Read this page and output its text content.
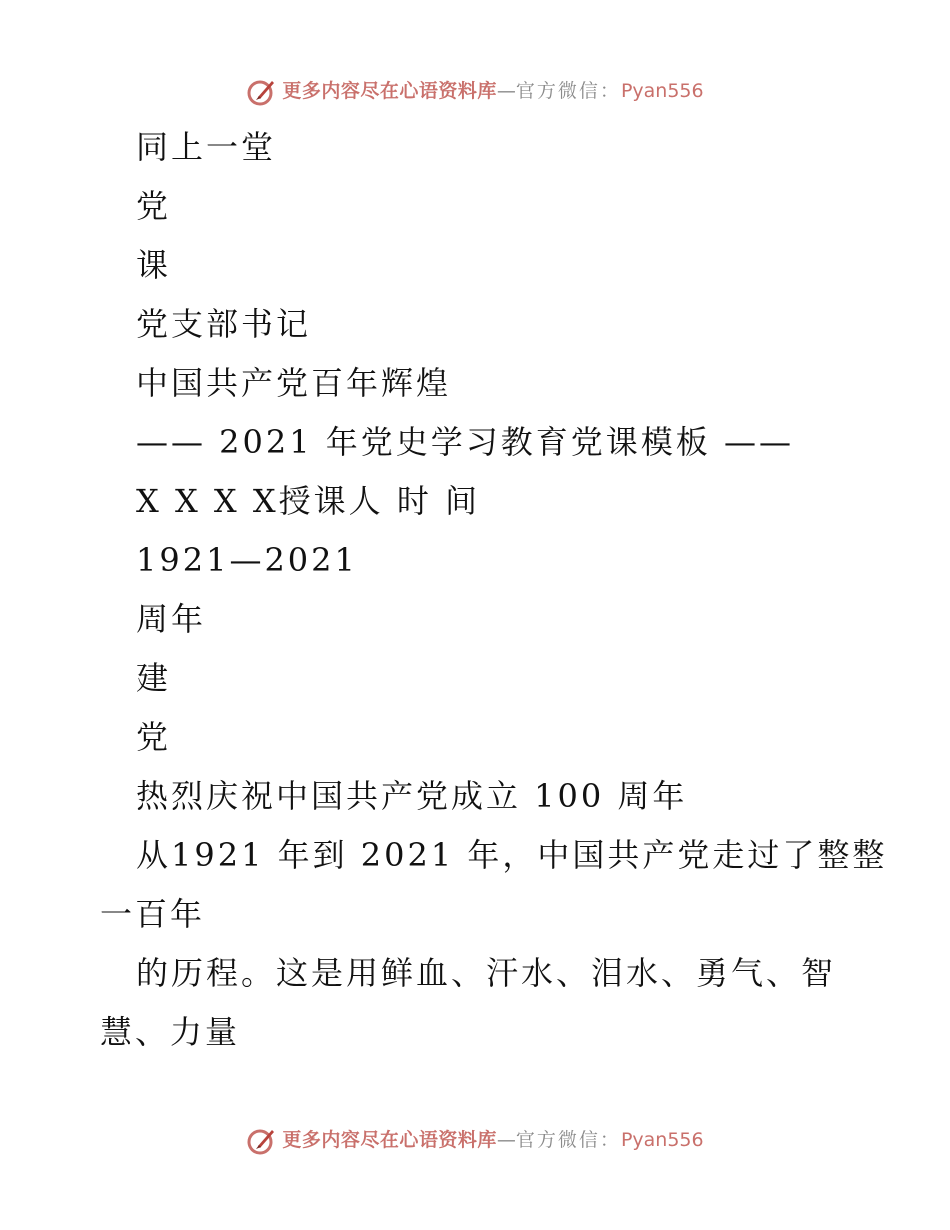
更多内容尽在心语资料库 — 官方微信： Pyan556
同上一堂
党
课
党支部书记
中国共产党百年辉煌
—— 2021 年党史学习教育党课模板 ——
X X X X授课人 时 间
1921—2021
周年
建
党
热烈庆祝中国共产党成立 100 周年
从1921 年到 2021 年，中国共产党走过了整整
一百年
的历程。这是用鲜血、汗水、泪水、勇气、智
慧、力量
更多内容尽在心语资料库 — 官方微信： Pyan556
